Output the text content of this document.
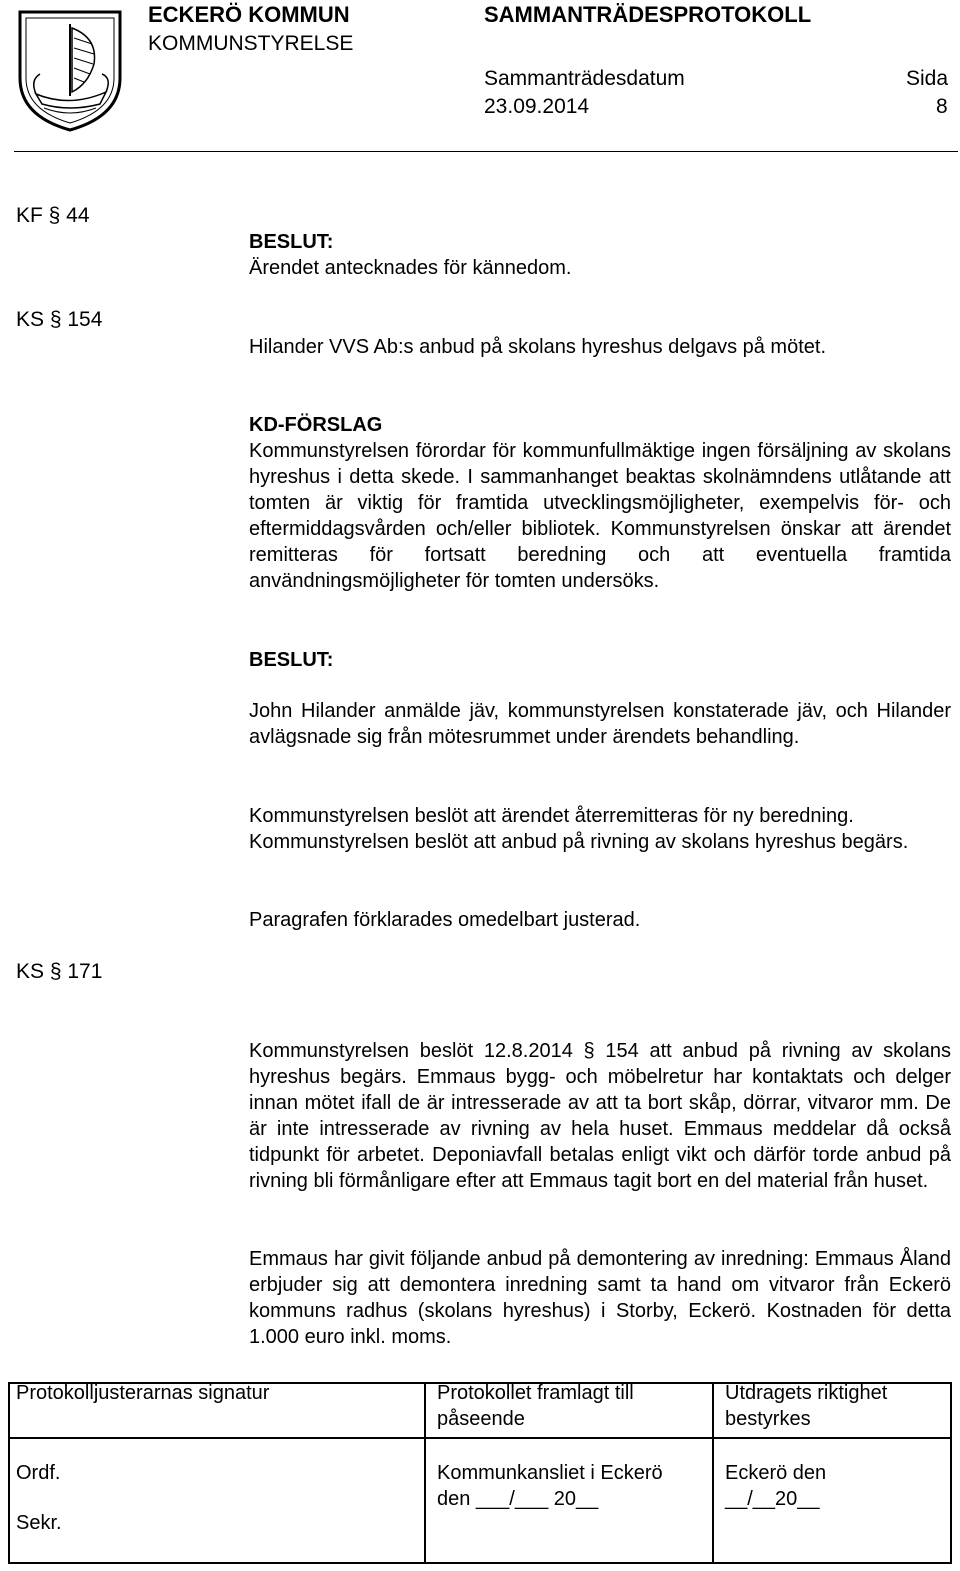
ECKERÖ KOMMUN
KOMMUNSTYRELSE
SAMMANTRÄDESPROTOKOLL
Sammanträdesdatum
23.09.2014
Sida
8
KF § 44
KS § 154
KS § 171

BESLUT:

Ärendet antecknades för kännedom.

Hilander VVS Ab:s anbud på skolans hyreshus delgavs på mötet.

KD-FÖRSLAG

Kommunstyrelsen förordar för kommunfullmäktige ingen försäljning av skolans hyreshus i detta skede. I sammanhanget beaktas skolnämndens utlåtande att tomten är viktig för framtida utvecklingsmöjligheter, exempelvis för- och eftermiddagsvården och/eller bibliotek. Kommunstyrelsen önskar att ärendet remitteras för fortsatt beredning och att eventuella framtida användningsmöjligheter för tomten undersöks.

BESLUT:
John Hilander anmälde jäv, kommunstyrelsen konstaterade jäv, och Hilander avlägsnade sig från mötesrummet under ärendets behandling.

Kommunstyrelsen beslöt att ärendet återremitteras för ny beredning.

Kommunstyrelsen beslöt att anbud på rivning av skolans hyreshus begärs.

Paragrafen förklarades omedelbart justerad.
Kommunstyrelsen beslöt 12.8.2014 § 154 att anbud på rivning av skolans hyreshus begärs. Emmaus bygg- och möbelretur har kontaktats och delger innan mötet ifall de är intresserade av att ta bort skåp, dörrar, vitvaror mm. De är inte intresserade av rivning av hela huset. Emmaus meddelar då också tidpunkt för arbetet. Deponiavfall betalas enligt vikt och därför torde anbud på rivning bli förmånligare efter att Emmaus tagit bort en del material från huset.
Emmaus har givit följande anbud på demontering av inredning: Emmaus Åland erbjuder sig att demontera inredning samt ta hand om vitvaror från Eckerö kommuns radhus (skolans hyreshus) i Storby, Eckerö. Kostnaden för detta 1.000 euro inkl. moms.
Protokolljusterarnas signatur	Protokollet framlagt till påseende
Utdragets riktighet bestyrkes
Ordf.
Sekr.
Kommunkansliet i Eckerö
den ___/___ 20__
Eckerö den
__/__20__
